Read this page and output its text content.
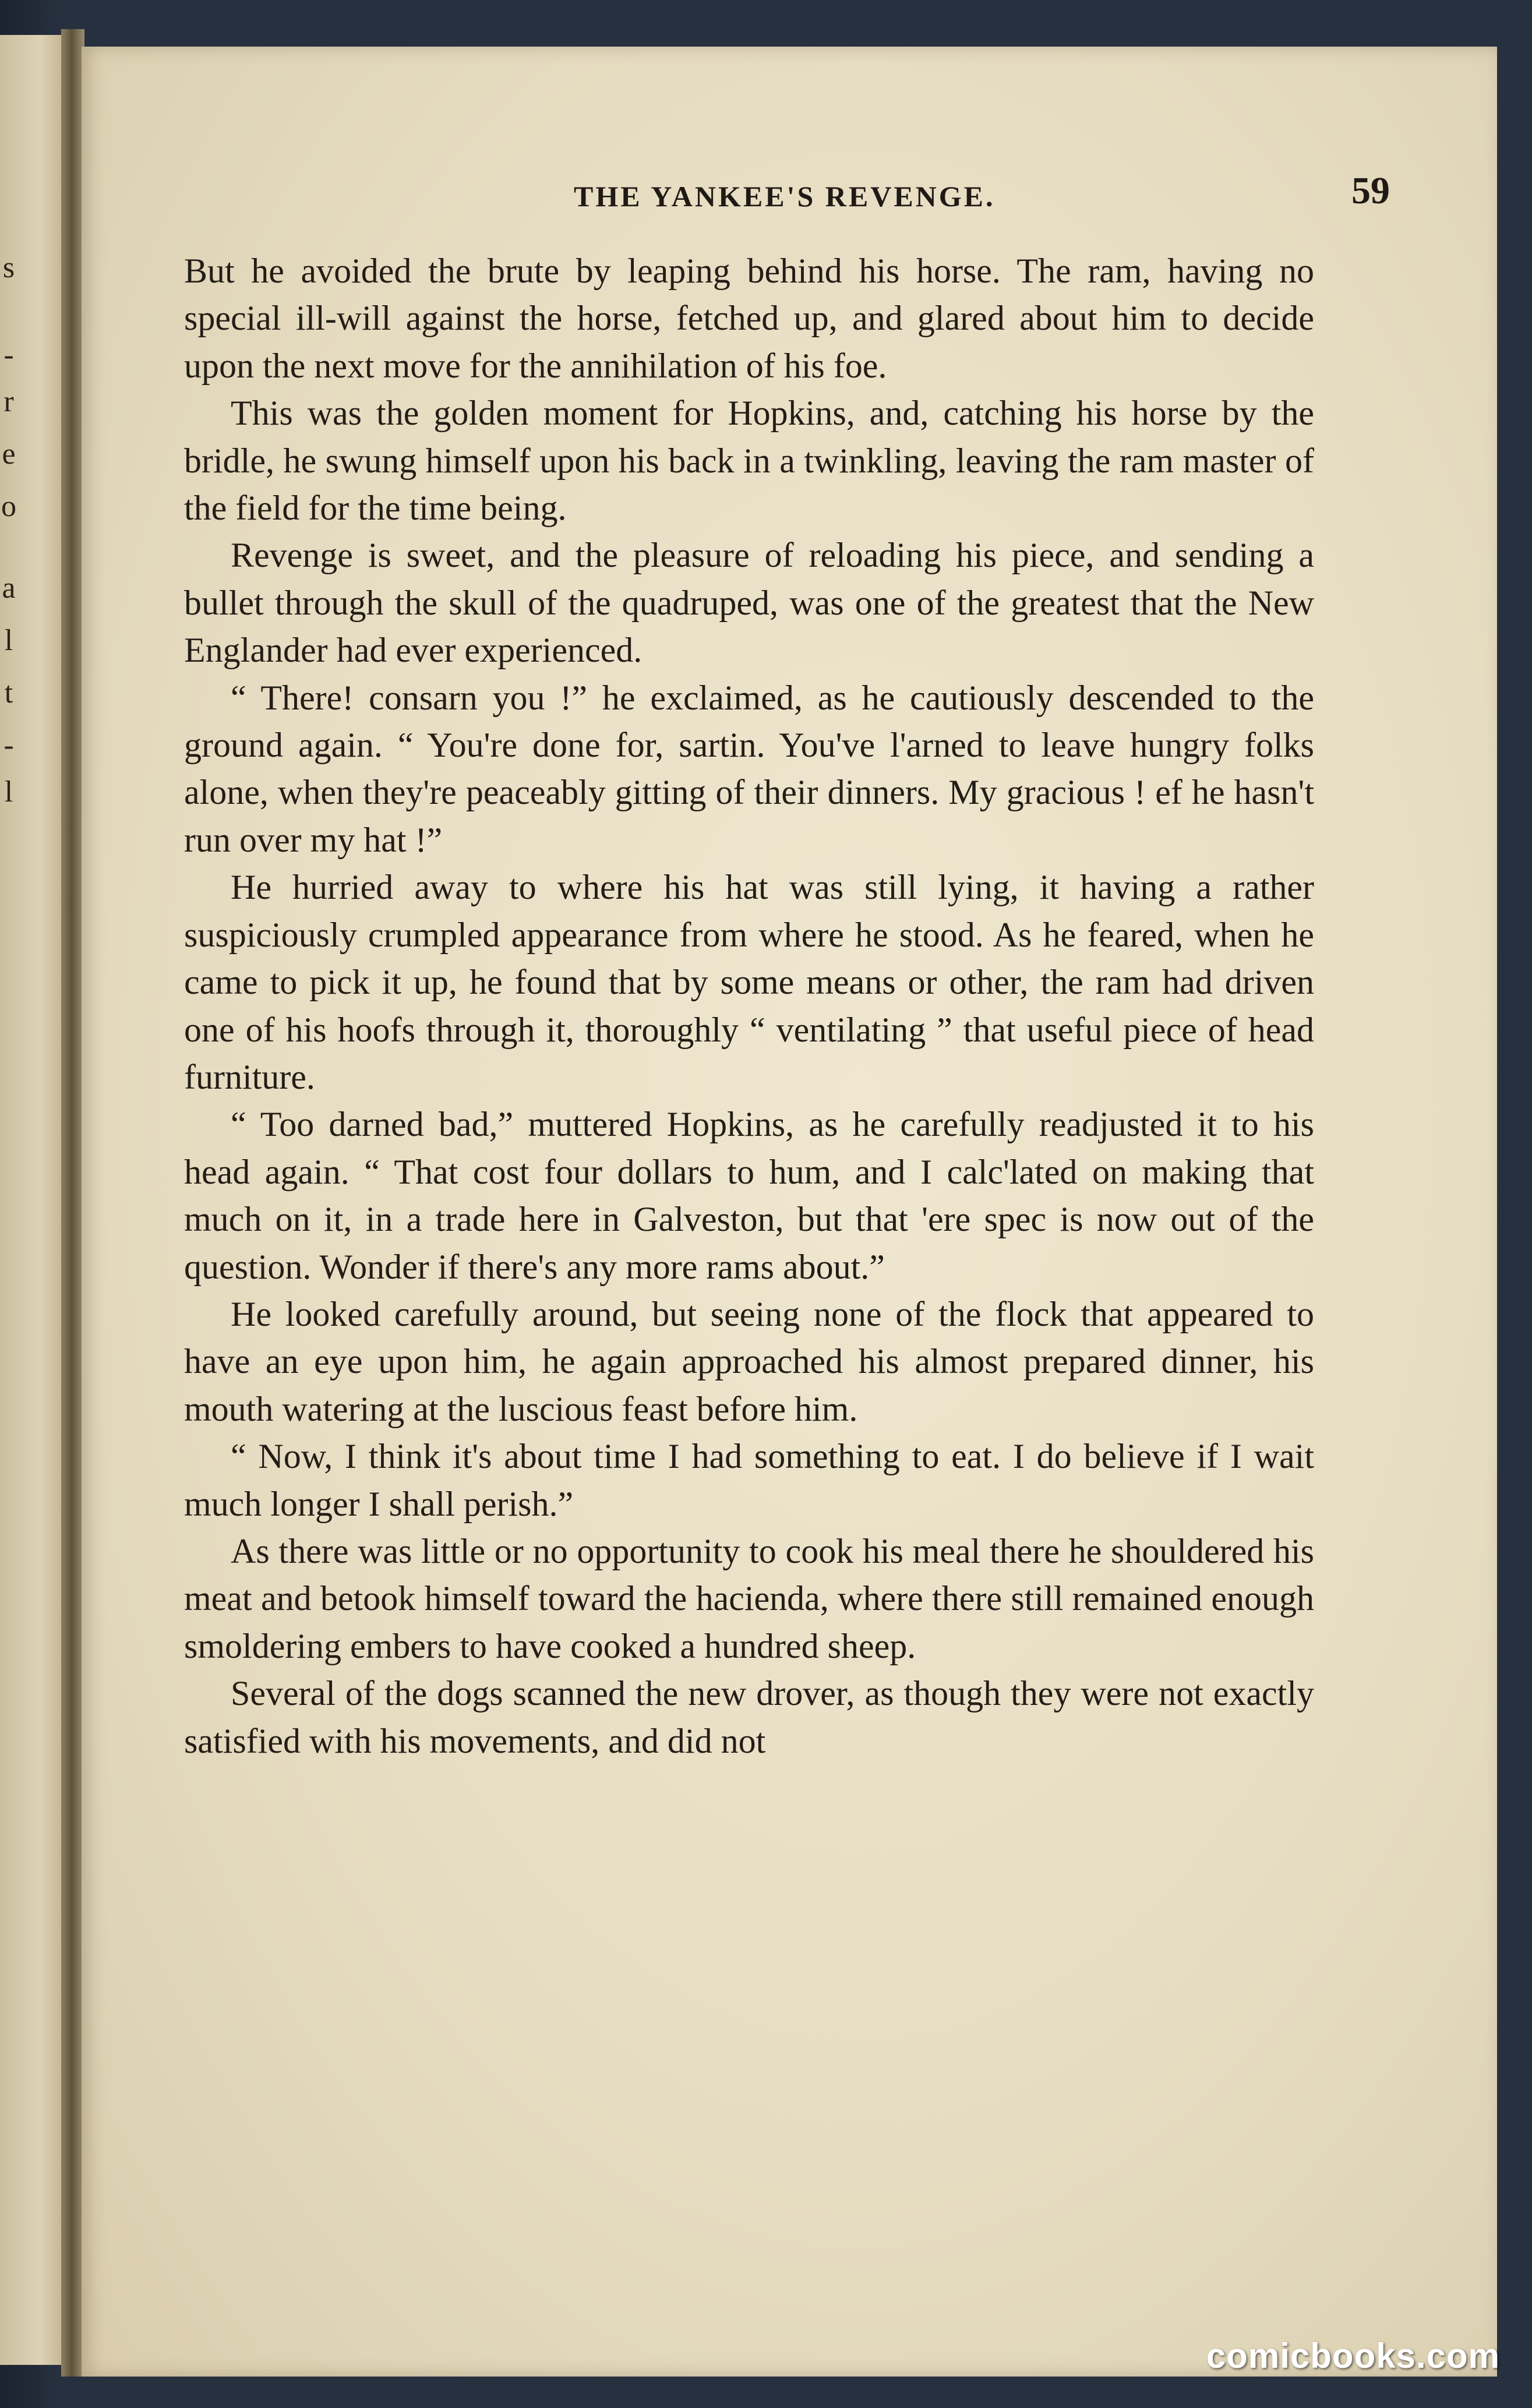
s
-
r
e
o
a
l
t
-
l
THE YANKEE'S REVENGE.	59

But he avoided the brute by leaping behind his horse. The ram, having no special ill-will against the horse, fetched up, and glared about him to decide upon the next move for the annihilation of his foe.

This was the golden moment for Hopkins, and, catching his horse by the bridle, he swung himself upon his back in a twinkling, leaving the ram master of the field for the time being.

Revenge is sweet, and the pleasure of reloading his piece, and sending a bullet through the skull of the quadruped, was one of the greatest that the New Englander had ever experienced.

“ There! consarn you !” he exclaimed, as he cautiously descended to the ground again. “ You're done for, sartin. You've l'arned to leave hungry folks alone, when they're peaceably gitting of their dinners. My gracious ! ef he hasn't run over my hat !”

He hurried away to where his hat was still lying, it having a rather suspiciously crumpled appearance from where he stood. As he feared, when he came to pick it up, he found that by some means or other, the ram had driven one of his hoofs through it, thoroughly “ ventilating ” that useful piece of head furniture.

“ Too darned bad,” muttered Hopkins, as he carefully readjusted it to his head again. “ That cost four dollars to hum, and I calc'lated on making that much on it, in a trade here in Galveston, but that 'ere spec is now out of the question. Wonder if there's any more rams about.”

He looked carefully around, but seeing none of the flock that appeared to have an eye upon him, he again approached his almost prepared dinner, his mouth watering at the luscious feast before him.

“ Now, I think it's about time I had something to eat. I do believe if I wait much longer I shall perish.”

As there was little or no opportunity to cook his meal there he shouldered his meat and betook himself toward the hacienda, where there still remained enough smoldering embers to have cooked a hundred sheep.

Several of the dogs scanned the new drover, as though they were not exactly satisfied with his movements, and did not

comicbooks.com
